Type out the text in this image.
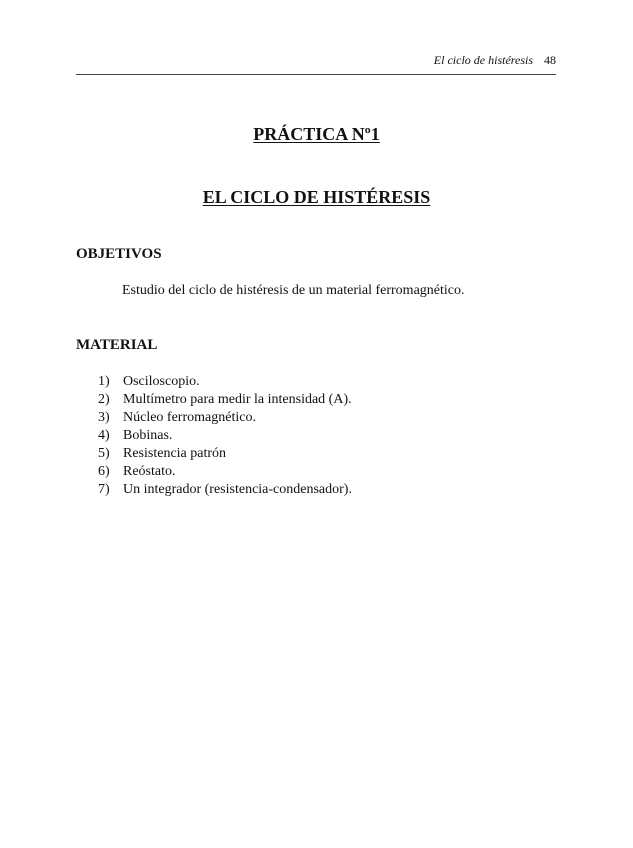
El ciclo de histéresis 48
PRÁCTICA Nº1
EL CICLO DE HISTÉRESIS
OBJETIVOS
Estudio del ciclo de histéresis de un material ferromagnético.
MATERIAL
1) Osciloscopio.
2) Multímetro para medir la intensidad (A).
3) Núcleo ferromagnético.
4) Bobinas.
5) Resistencia patrón
6) Reóstato.
7) Un integrador (resistencia-condensador).
